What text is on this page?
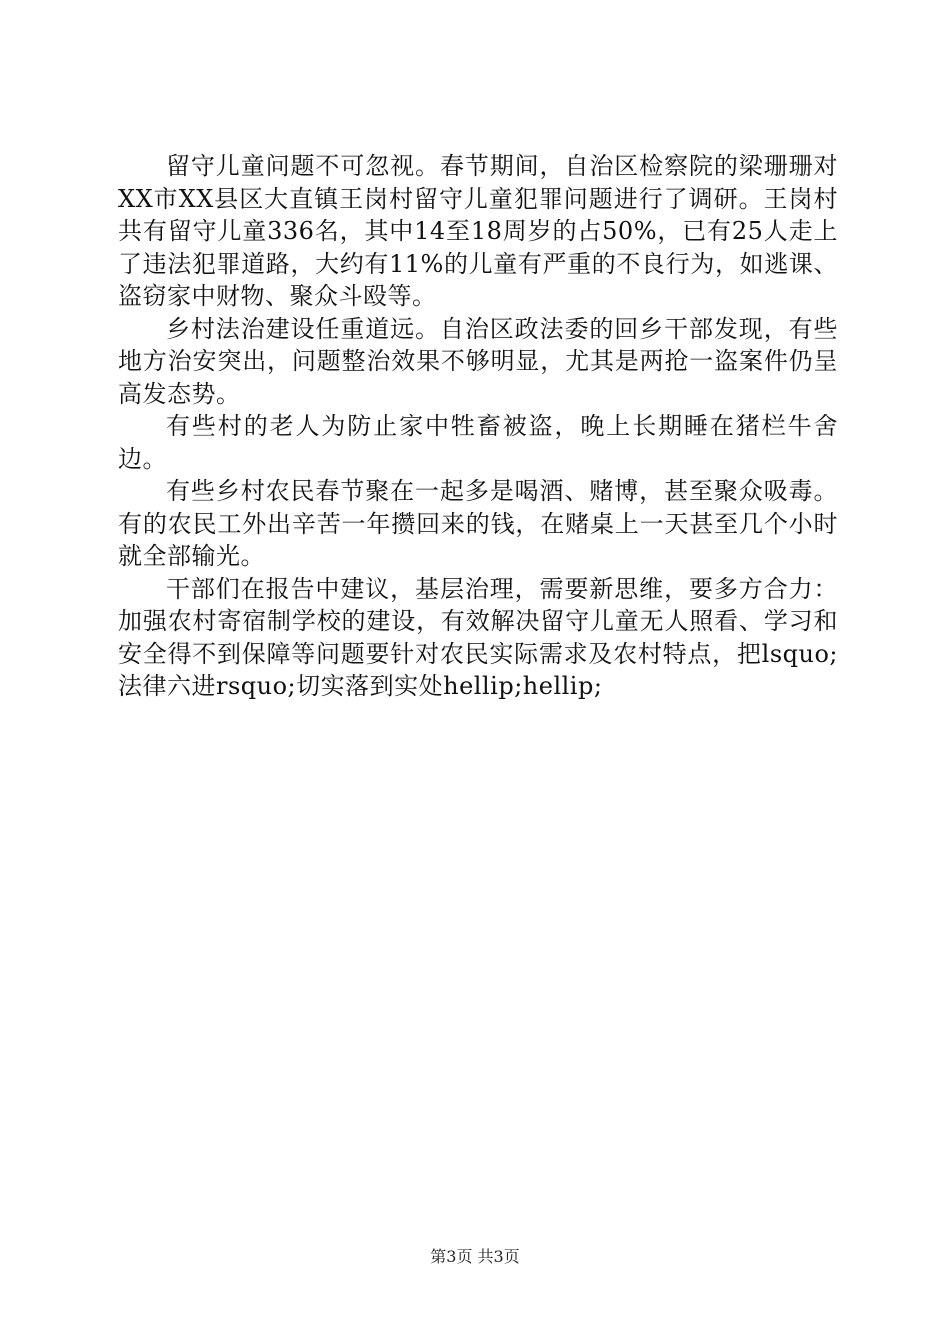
留守儿童问题不可忽视。春节期间，自治区检察院的梁珊珊对XX市XX县区大直镇王岗村留守儿童犯罪问题进行了调研。王岗村共有留守儿童336名，其中14至18周岁的占50%，已有25人走上了违法犯罪道路，大约有11%的儿童有严重的不良行为，如逃课、盗窃家中财物、聚众斗殴等。

乡村法治建设任重道远。自治区政法委的回乡干部发现，有些地方治安突出，问题整治效果不够明显，尤其是两抢一盗案件仍呈高发态势。

有些村的老人为防止家中牲畜被盗，晚上长期睡在猪栏牛舍边。

有些乡村农民春节聚在一起多是喝酒、赌博，甚至聚众吸毒。有的农民工外出辛苦一年攒回来的钱，在赌桌上一天甚至几个小时就全部输光。

干部们在报告中建议，基层治理，需要新思维，要多方合力：加强农村寄宿制学校的建设，有效解决留守儿童无人照看、学习和安全得不到保障等问题要针对农民实际需求及农村特点，把lsquo;法律六进rsquo;切实落到实处hellip;hellip;

第3页 共3页
